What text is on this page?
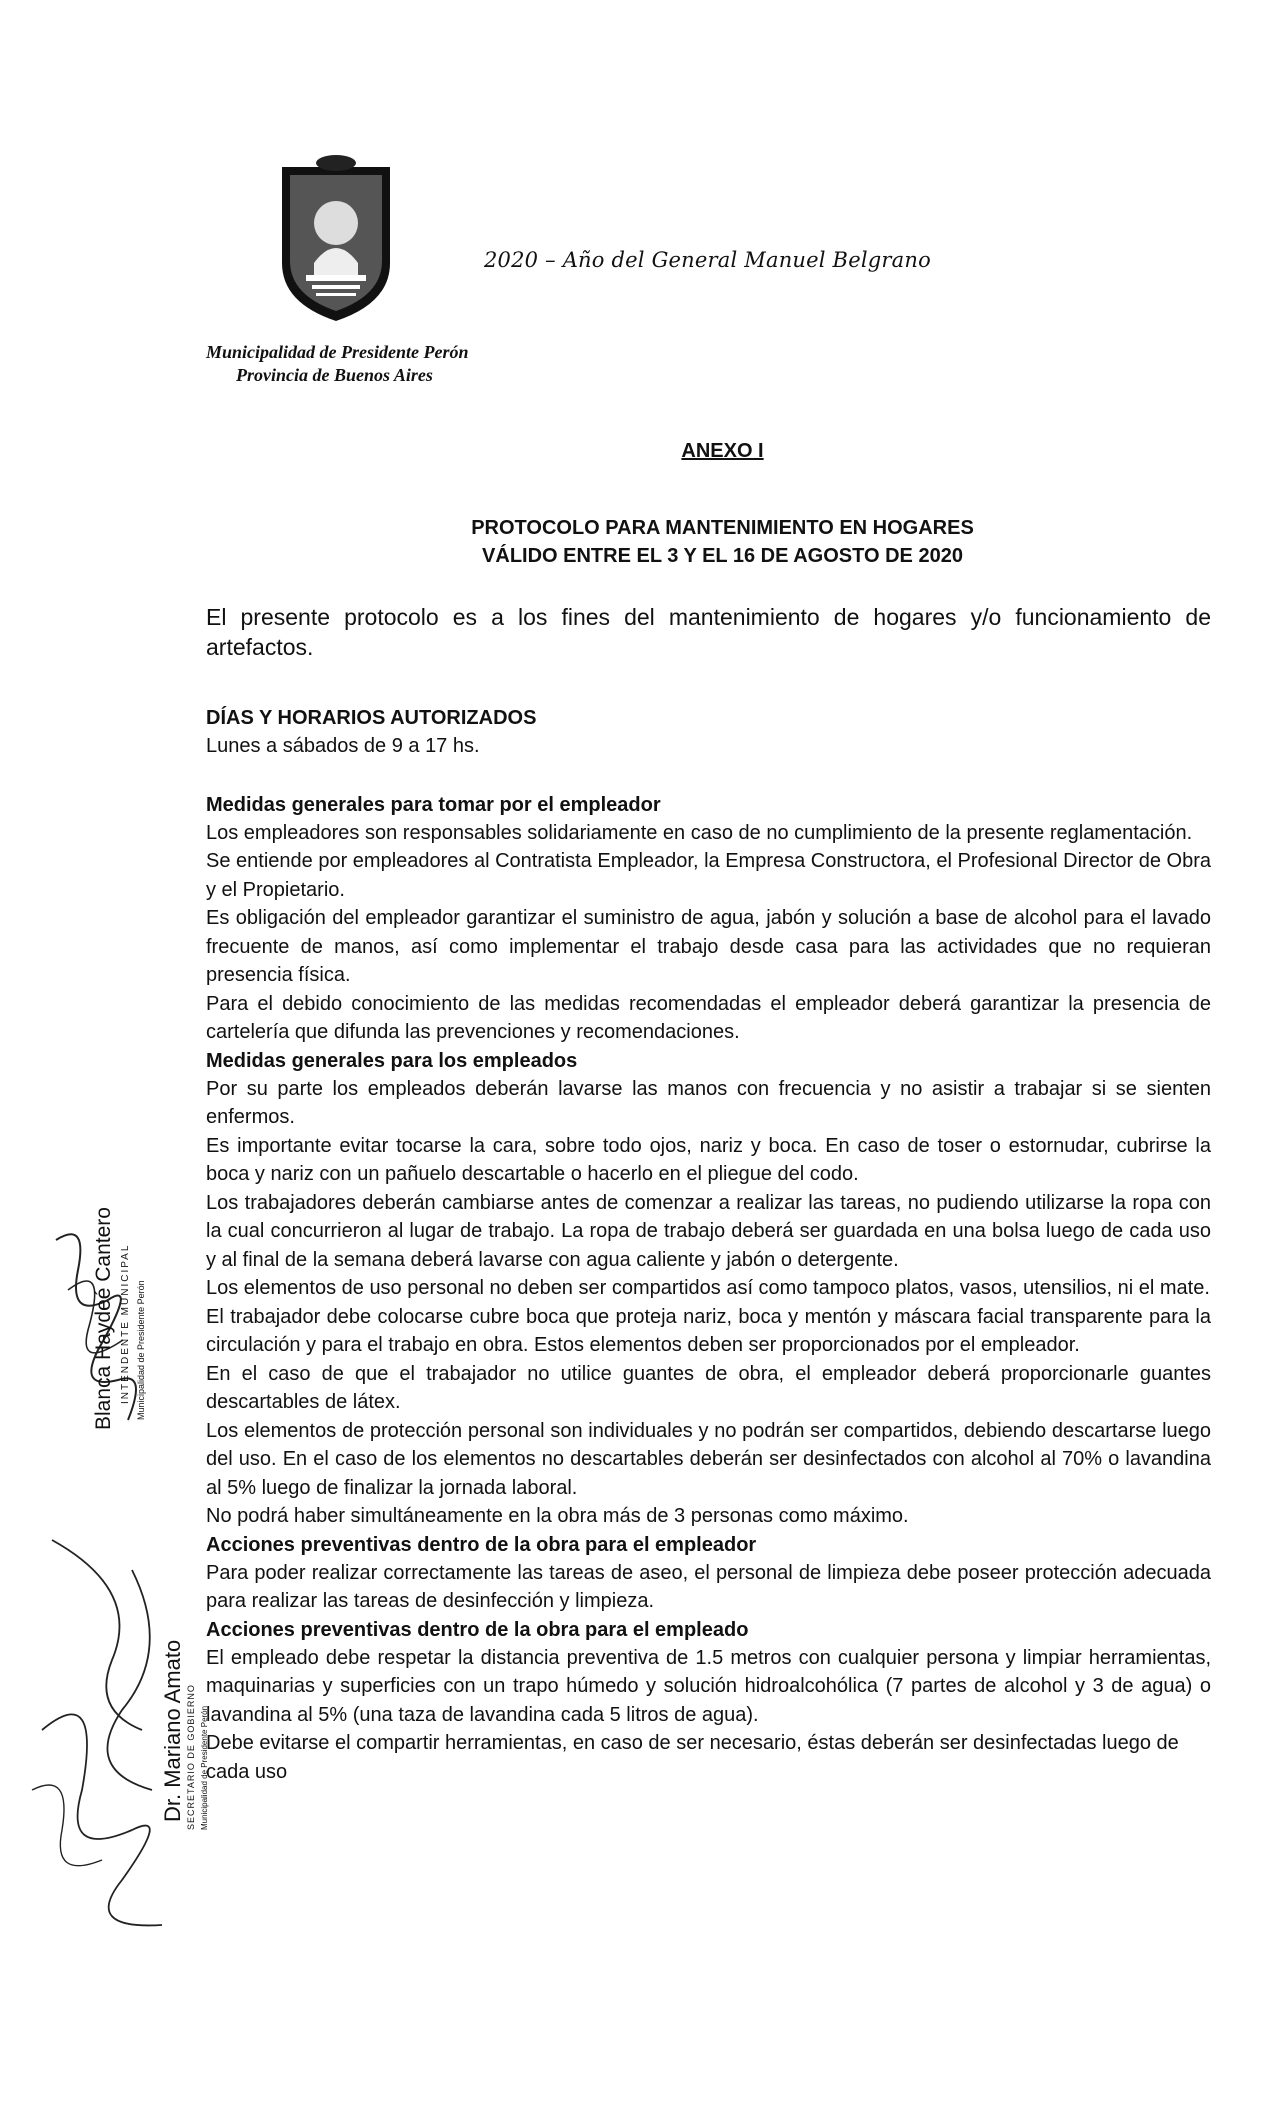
2020 – Año del General Manuel Belgrano
Municipalidad de Presidente Perón
Provincia de Buenos Aires
ANEXO I
PROTOCOLO PARA MANTENIMIENTO EN HOGARES
VÁLIDO ENTRE EL 3 Y EL 16 DE AGOSTO DE 2020

El presente protocolo es a los fines del mantenimiento de hogares y/o funcionamiento de artefactos.

DÍAS Y HORARIOS AUTORIZADOS

Lunes a sábados de 9 a 17 hs.

Medidas generales para tomar por el empleador

Los empleadores son responsables solidariamente en caso de no cumplimiento de la presente reglamentación.

Se entiende por empleadores al Contratista Empleador, la Empresa Constructora, el Profesional Director de Obra y el Propietario.

Es obligación del empleador garantizar el suministro de agua, jabón y solución a base de alcohol para el lavado frecuente de manos, así como implementar el trabajo desde casa para las actividades que no requieran presencia física.

Para el debido conocimiento de las medidas recomendadas el empleador deberá garantizar la presencia de cartelería que difunda las prevenciones y recomendaciones.

Medidas generales para los empleados

Por su parte los empleados deberán lavarse las manos con frecuencia y no asistir a trabajar si se sienten enfermos.

Es importante evitar tocarse la cara, sobre todo ojos, nariz y boca. En caso de toser o estornudar, cubrirse la boca y nariz con un pañuelo descartable o hacerlo en el pliegue del codo.

Los trabajadores deberán cambiarse antes de comenzar a realizar las tareas, no pudiendo utilizarse la ropa con la cual concurrieron al lugar de trabajo. La ropa de trabajo deberá ser guardada en una bolsa luego de cada uso y al final de la semana deberá lavarse con agua caliente y jabón o detergente.

Los elementos de uso personal no deben ser compartidos así como tampoco platos, vasos, utensilios, ni el mate.

El trabajador debe colocarse cubre boca que proteja nariz, boca y mentón y máscara facial transparente para la circulación y para el trabajo en obra. Estos elementos deben ser proporcionados por el empleador.

En el caso de que el trabajador no utilice guantes de obra, el empleador deberá proporcionarle guantes descartables de látex.

Los elementos de protección personal son individuales y no podrán ser compartidos, debiendo descartarse luego del uso. En el caso de los elementos no descartables deberán ser desinfectados con alcohol al 70% o lavandina al 5% luego de finalizar la jornada laboral.

No podrá haber simultáneamente en la obra más de 3 personas como máximo.

Acciones preventivas dentro de la obra para el empleador

Para poder realizar correctamente las tareas de aseo, el personal de limpieza debe poseer protección adecuada para realizar las tareas de desinfección y limpieza.

Acciones preventivas dentro de la obra para el empleado

El empleado debe respetar la distancia preventiva de 1.5 metros con cualquier persona y limpiar herramientas, maquinarias y superficies con un trapo húmedo y solución hidroalcohólica (7 partes de alcohol y 3 de agua) o lavandina al 5% (una taza de lavandina cada 5 litros de agua).

Debe evitarse el compartir herramientas, en caso de ser necesario, éstas deberán ser desinfectadas luego de cada uso

Blanca Haydeé Cantero INTENDENTE MUNICIPAL Municipalidad de Presidente Perón
Dr. Mariano Amato SECRETARIO DE GOBIERNO Municipalidad de Presidente Perón
